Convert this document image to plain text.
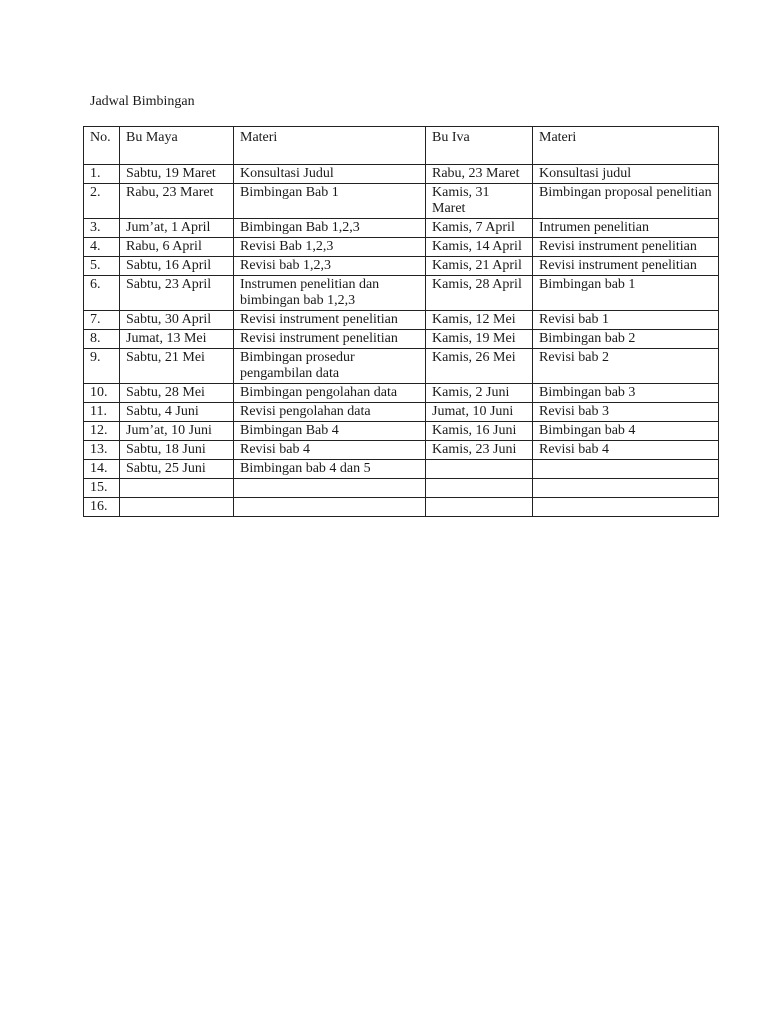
Jadwal Bimbingan
No.	Bu Maya	Materi	Bu Iva	Materi
1.	Sabtu, 19 Maret	Konsultasi Judul	Rabu, 23 Maret	Konsultasi judul
2.	Rabu, 23 Maret	Bimbingan Bab 1	Kamis, 31 Maret	Bimbingan proposal penelitian
3.	Jum’at, 1 April	Bimbingan Bab 1,2,3	Kamis, 7 April	Intrumen penelitian
4.	Rabu, 6 April	Revisi Bab 1,2,3	Kamis, 14 April	Revisi instrument penelitian
5.	Sabtu, 16 April	Revisi bab 1,2,3	Kamis, 21 April	Revisi instrument penelitian
6.	Sabtu, 23 April	Instrumen penelitian dan bimbingan bab 1,2,3	Kamis, 28 April	Bimbingan bab 1
7.	Sabtu, 30 April	Revisi instrument penelitian	Kamis, 12 Mei	Revisi bab 1
8.	Jumat, 13 Mei	Revisi instrument penelitian	Kamis, 19 Mei	Bimbingan bab 2
9.	Sabtu, 21 Mei	Bimbingan prosedur pengambilan data	Kamis, 26 Mei	Revisi bab 2
10.	Sabtu, 28 Mei	Bimbingan pengolahan data	Kamis, 2 Juni	Bimbingan bab 3
11.	Sabtu, 4 Juni	Revisi pengolahan data	Jumat, 10 Juni	Revisi bab 3
12.	Jum’at, 10 Juni	Bimbingan Bab 4	Kamis, 16 Juni	Bimbingan bab 4
13.	Sabtu, 18 Juni	Revisi bab 4	Kamis, 23 Juni	Revisi bab 4
14.	Sabtu, 25 Juni	Bimbingan bab 4 dan 5		
15.				
16.				
